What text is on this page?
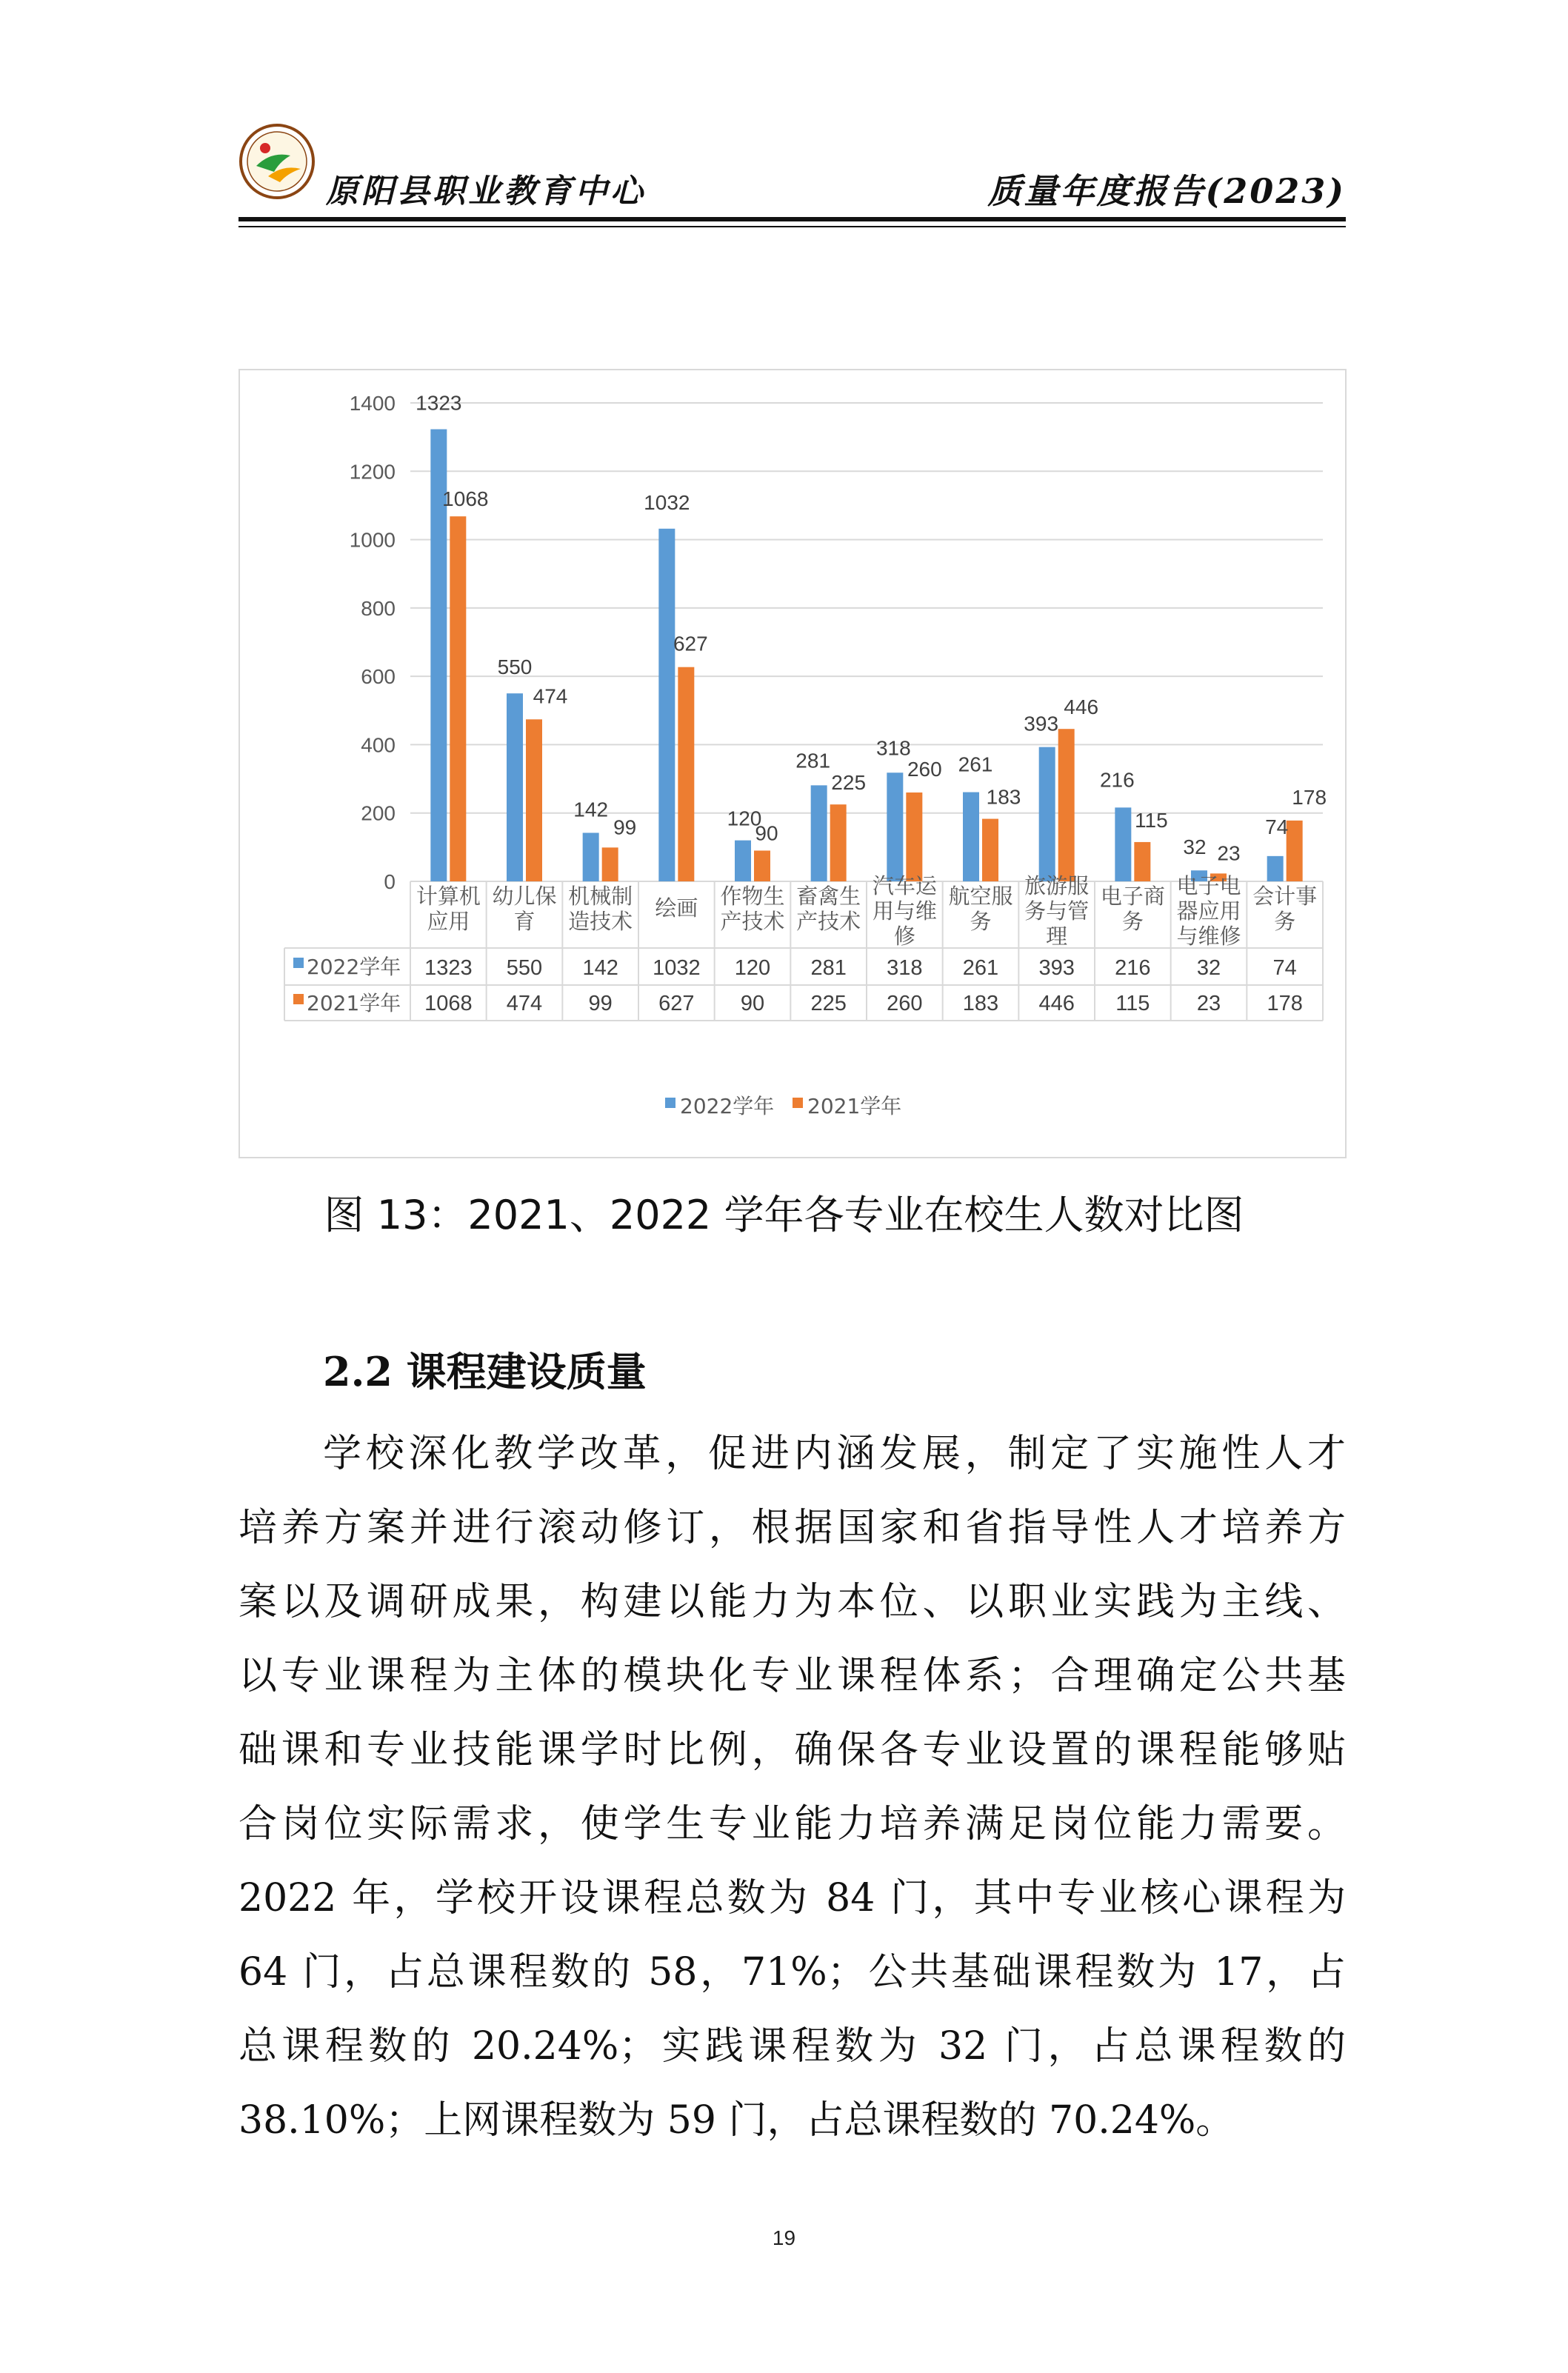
原阳县职业教育中心	质量年度报告(2023)
0
200
400
600
800
1000
1200
1400 1323
1068
550
474
142
99
1032
627
120
90
281
225
318
260 261
183
393
446
216
115
32 23
74
178
计算机
应用
幼儿保
育
机械制
造技术
绘画 作物生
产技术
畜禽生
产技术
汽车运
用与维
修
航空服
务
旅游服
务与管
理
电子商
务
电子电
器应用
与维修
会计事
务
2022学年
2021学年
1323
1068
550
474
142
99
1032
627
120
90
281
225
318
260
261
183
393
446
216
115
32
23
74
178
2022学年 2021学年
图 13：2021、2022 学年各专业在校生人数对比图
2.2 课程建设质量
学校深化教学改革，促进内涵发展，制定了实施性人才
培养方案并进行滚动修订，根据国家和省指导性人才培养方
案以及调研成果，构建以能力为本位、以职业实践为主线、
以专业课程为主体的模块化专业课程体系；合理确定公共基
础课和专业技能课学时比例，确保各专业设置的课程能够贴
合岗位实际需求，使学生专业能力培养满足岗位能力需要。
2022 年，学校开设课程总数为 84 门，其中专业核心课程为
64 门，占总课程数的 58，71%；公共基础课程数为 17，占
总课程数的 20.24%；实践课程数为 32 门，占总课程数的
38.10%；上网课程数为 59 门，占总课程数的 70.24%。
19
